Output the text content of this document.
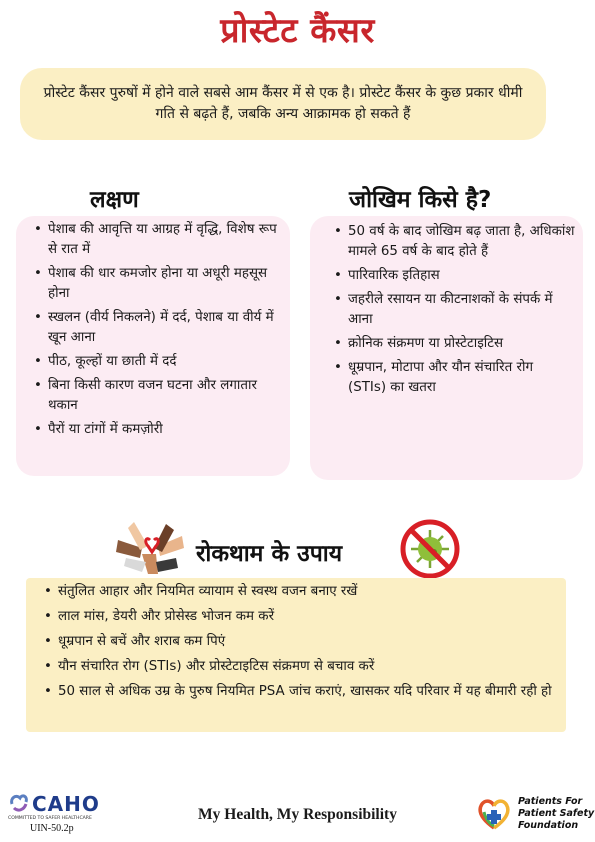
प्रोस्टेट कैंसर
प्रोस्टेट कैंसर पुरुषों में होने वाले सबसे आम कैंसर में से एक है। प्रोस्टेट कैंसर के कुछ प्रकार धीमी गति से बढ़ते हैं, जबकि अन्य आक्रामक हो सकते हैं
लक्षण	जोखिम किसे है?
• पेशाब की आवृत्ति या आग्रह में वृद्धि, विशेष रूप से रात में
• पेशाब की धार कमजोर होना या अधूरी महसूस होना
• स्खलन (वीर्य निकलने) में दर्द, पेशाब या वीर्य में खून आना
• पीठ, कूल्हों या छाती में दर्द
• बिना किसी कारण वजन घटना और लगातार थकान
• पैरों या टांगों में कमज़ोरी
• 50 वर्ष के बाद जोखिम बढ़ जाता है, अधिकांश मामले 65 वर्ष के बाद होते हैं
• पारिवारिक इतिहास
• जहरीले रसायन या कीटनाशकों के संपर्क में आना
• क्रोनिक संक्रमण या प्रोस्टेटाइटिस
• धूम्रपान, मोटापा और यौन संचारित रोग (STIs) का खतरा
रोकथाम के उपाय
• संतुलित आहार और नियमित व्यायाम से स्वस्थ वजन बनाए रखें
• लाल मांस, डेयरी और प्रोसेस्ड भोजन कम करें
• धूम्रपान से बचें और शराब कम पिएं
• यौन संचारित रोग (STIs) और प्रोस्टेटाइटिस संक्रमण से बचाव करें
• 50 साल से अधिक उम्र के पुरुष नियमित PSA जांच कराएं, खासकर यदि परिवार में यह बीमारी रही हो
CAHO
COMMITTED TO SAFER HEALTHCARE
UIN-50.2p
My Health, My Responsibility
Patients For
Patient Safety
Foundation
